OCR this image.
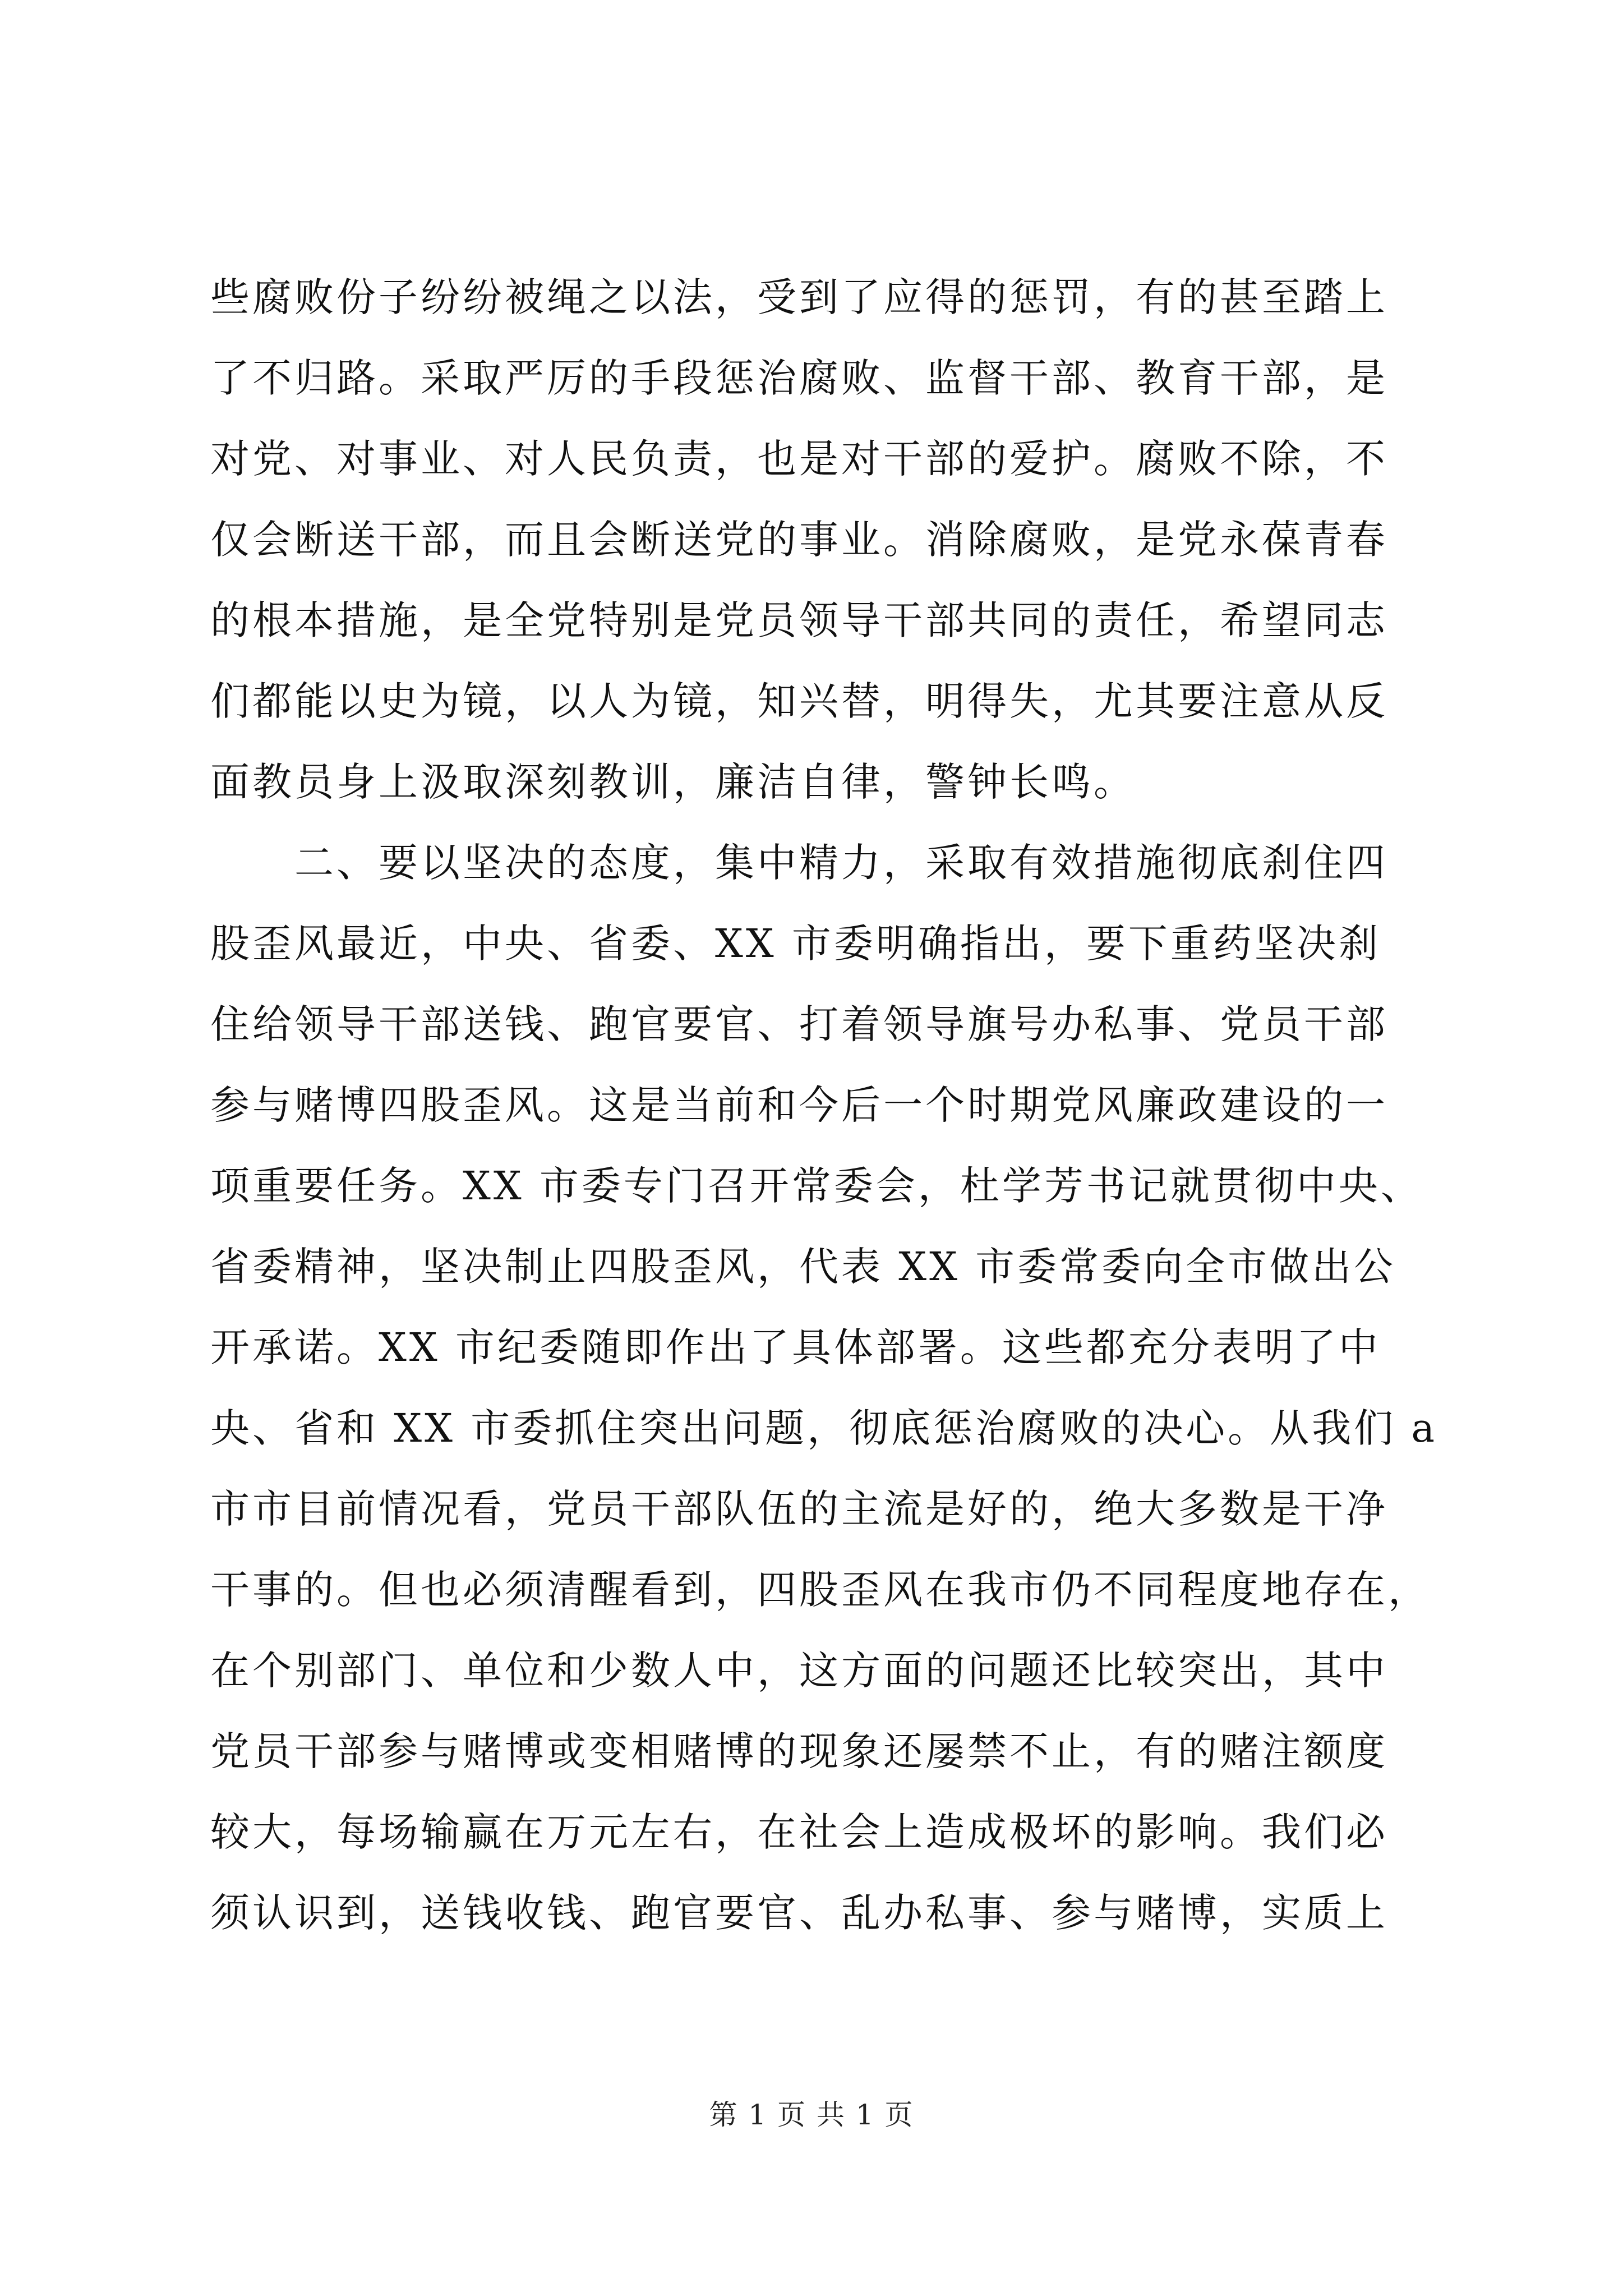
些腐败份子纷纷被绳之以法，受到了应得的惩罚，有的甚至踏上
了不归路。采取严厉的手段惩治腐败、监督干部、教育干部，是
对党、对事业、对人民负责，也是对干部的爱护。腐败不除，不
仅会断送干部，而且会断送党的事业。消除腐败，是党永葆青春
的根本措施，是全党特别是党员领导干部共同的责任，希望同志
们都能以史为镜，以人为镜，知兴替，明得失，尤其要注意从反
面教员身上汲取深刻教训，廉洁自律，警钟长鸣。
　　二、要以坚决的态度，集中精力，采取有效措施彻底刹住四
股歪风最近，中央、省委、XX 市委明确指出，要下重药坚决刹
住给领导干部送钱、跑官要官、打着领导旗号办私事、党员干部
参与赌博四股歪风。这是当前和今后一个时期党风廉政建设的一
项重要任务。XX 市委专门召开常委会，杜学芳书记就贯彻中央、
省委精神，坚决制止四股歪风，代表 XX 市委常委向全市做出公
开承诺。XX 市纪委随即作出了具体部署。这些都充分表明了中
央、省和 XX 市委抓住突出问题，彻底惩治腐败的决心。从我们 a
市市目前情况看，党员干部队伍的主流是好的，绝大多数是干净
干事的。但也必须清醒看到，四股歪风在我市仍不同程度地存在，
在个别部门、单位和少数人中，这方面的问题还比较突出，其中
党员干部参与赌博或变相赌博的现象还屡禁不止，有的赌注额度
较大，每场输赢在万元左右，在社会上造成极坏的影响。我们必
须认识到，送钱收钱、跑官要官、乱办私事、参与赌博，实质上
第 1 页 共 1 页
